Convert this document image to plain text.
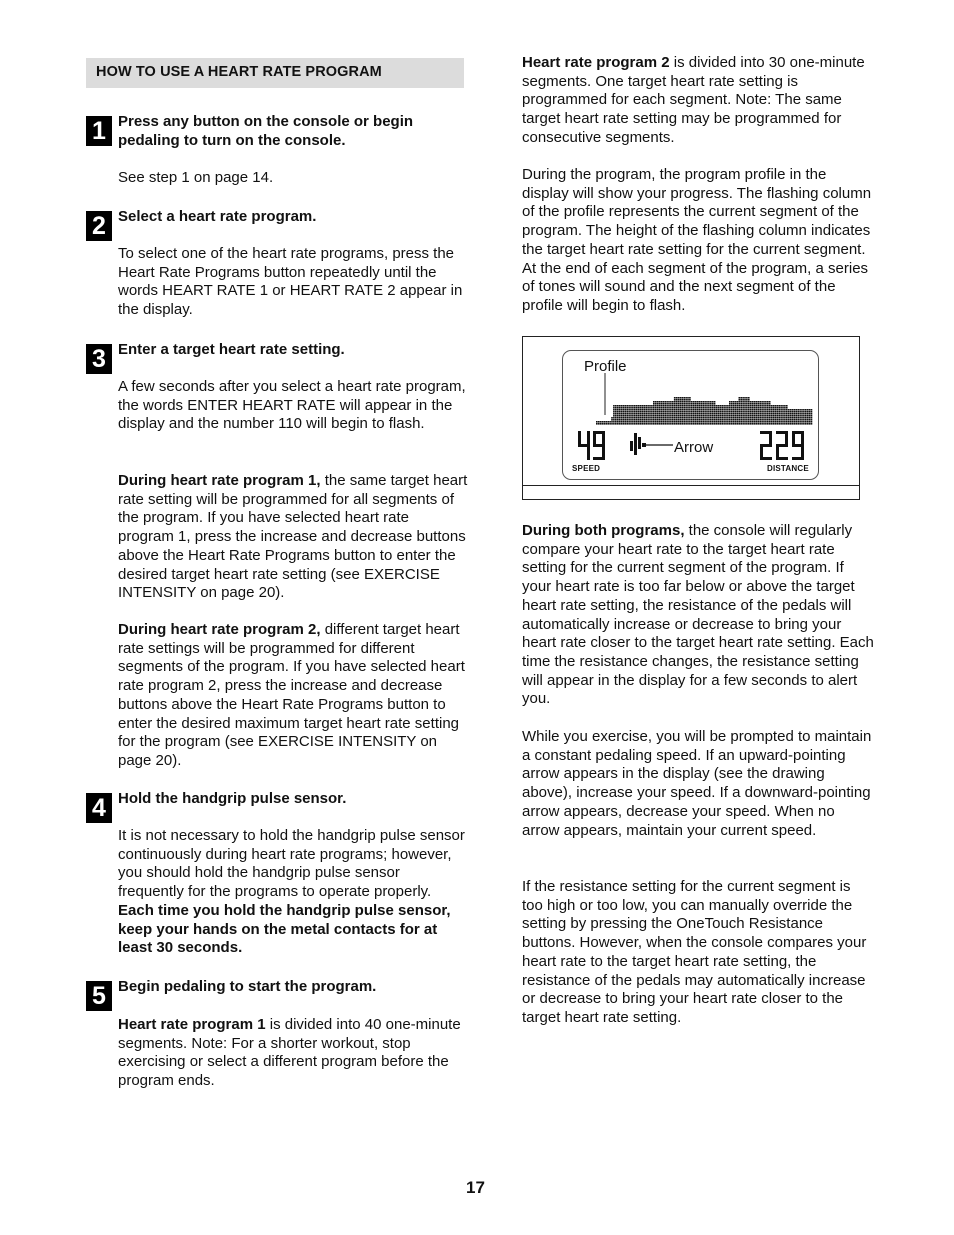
HOW TO USE A HEART RATE PROGRAM
1 Press any button on the console or begin pedaling to turn on the console.

See step 1 on page 14.

2 Select a heart rate program.

To select one of the heart rate programs, press the Heart Rate Programs button repeatedly until the words HEART RATE 1 or HEART RATE 2 appear in the display.

3 Enter a target heart rate setting.

A few seconds after you select a heart rate program, the words ENTER HEART RATE will appear in the display and the number 110 will begin to flash.

During heart rate program 1, the same target heart rate setting will be programmed for all segments of the program. If you have selected heart rate program 1, press the increase and decrease buttons above the Heart Rate Programs button to enter the desired target heart rate setting (see EXERCISE INTENSITY on page 20).

During heart rate program 2, different target heart rate settings will be programmed for different segments of the program. If you have selected heart rate program 2, press the increase and decrease buttons above the Heart Rate Programs button to enter the desired maximum target heart rate setting for the program (see EXERCISE INTENSITY on page 20).

4 Hold the handgrip pulse sensor.

It is not necessary to hold the handgrip pulse sensor continuously during heart rate programs; however, you should hold the handgrip pulse sensor frequently for the programs to operate properly. Each time you hold the handgrip pulse sensor, keep your hands on the metal contacts for at least 30 seconds.

5 Begin pedaling to start the program.

Heart rate program 1 is divided into 40 one-minute segments. Note: For a shorter workout, stop exercising or select a different program before the program ends.

Heart rate program 2 is divided into 30 one-minute segments. One target heart rate setting is programmed for each segment. Note: The same target heart rate setting may be programmed for consecutive segments.

During the program, the program profile in the display will show your progress. The flashing column of the profile represents the current segment of the program. The height of the flashing column indicates the target heart rate setting for the current segment. At the end of each segment of the program, a series of tones will sound and the next segment of the profile will begin to flash.

Profile
Arrow
SPEED	DISTANCE

During both programs, the console will regularly compare your heart rate to the target heart rate setting for the current segment of the program. If your heart rate is too far below or above the target heart rate setting, the resistance of the pedals will automatically increase or decrease to bring your heart rate closer to the target heart rate setting. Each time the resistance changes, the resistance setting will appear in the display for a few seconds to alert you.

While you exercise, you will be prompted to maintain a constant pedaling speed. If an upward-pointing arrow appears in the display (see the drawing above), increase your speed. If a downward-pointing arrow appears, decrease your speed. When no arrow appears, maintain your current speed.

If the resistance setting for the current segment is too high or too low, you can manually override the setting by pressing the OneTouch Resistance buttons. However, when the console compares your heart rate to the target heart rate setting, the resistance of the pedals may automatically increase or decrease to bring your heart rate closer to the target heart rate setting.

17
